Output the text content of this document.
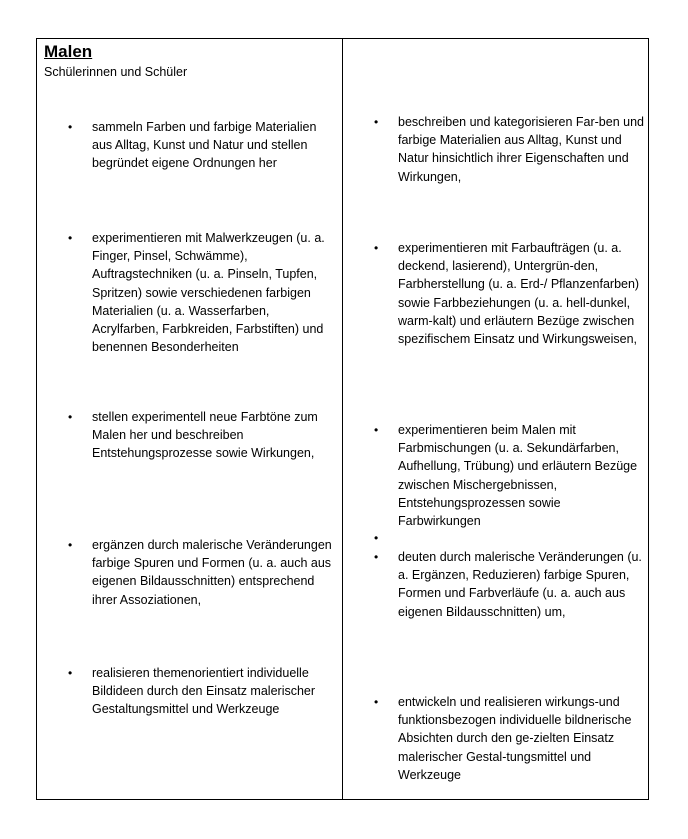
Malen
Schülerinnen und Schüler
• sammeln Farben und farbige Materialien aus Alltag, Kunst und Natur und stellen begründet eigene Ordnungen her
• experimentieren mit Malwerkzeugen (u. a. Finger, Pinsel, Schwämme), Auftragstechniken (u. a. Pinseln, Tupfen, Spritzen) sowie verschiedenen farbigen Materialien (u. a. Wasserfarben, Acrylfarben, Farbkreiden, Farbstiften) und benennen Besonderheiten
• stellen experimentell neue Farbtöne zum Malen her und beschreiben Entstehungsprozesse sowie Wirkungen,
• ergänzen durch malerische Veränderungen farbige Spuren und Formen (u. a. auch aus eigenen Bildausschnitten) entsprechend ihrer Assoziationen,
• realisieren themenorientiert individuelle Bildideen durch den Einsatz malerischer Gestaltungsmittel und Werkzeuge
• beschreiben und kategorisieren Far-ben und farbige Materialien aus Alltag, Kunst und Natur hinsichtlich ihrer Eigenschaften und Wirkungen,
• experimentieren mit Farbaufträgen (u. a. deckend, lasierend), Untergrün-den, Farbherstellung (u. a. Erd-/ Pflanzenfarben) sowie Farbbeziehungen (u. a. hell-dunkel, warm-kalt) und erläutern Bezüge zwischen spezifischem Einsatz und Wirkungsweisen,
• experimentieren beim Malen mit Farbmischungen (u. a. Sekundärfarben, Aufhellung, Trübung) und erläutern Bezüge zwischen Mischergebnissen, Entstehungsprozessen sowie Farbwirkungen
•
• deuten durch malerische Veränderungen (u. a. Ergänzen, Reduzieren) farbige Spuren, Formen und Farbverläufe (u. a. auch aus eigenen Bildausschnitten) um,
• entwickeln und realisieren wirkungs-und funktionsbezogen individuelle bildnerische Absichten durch den ge-zielten Einsatz malerischer Gestal-tungsmittel und Werkzeuge
